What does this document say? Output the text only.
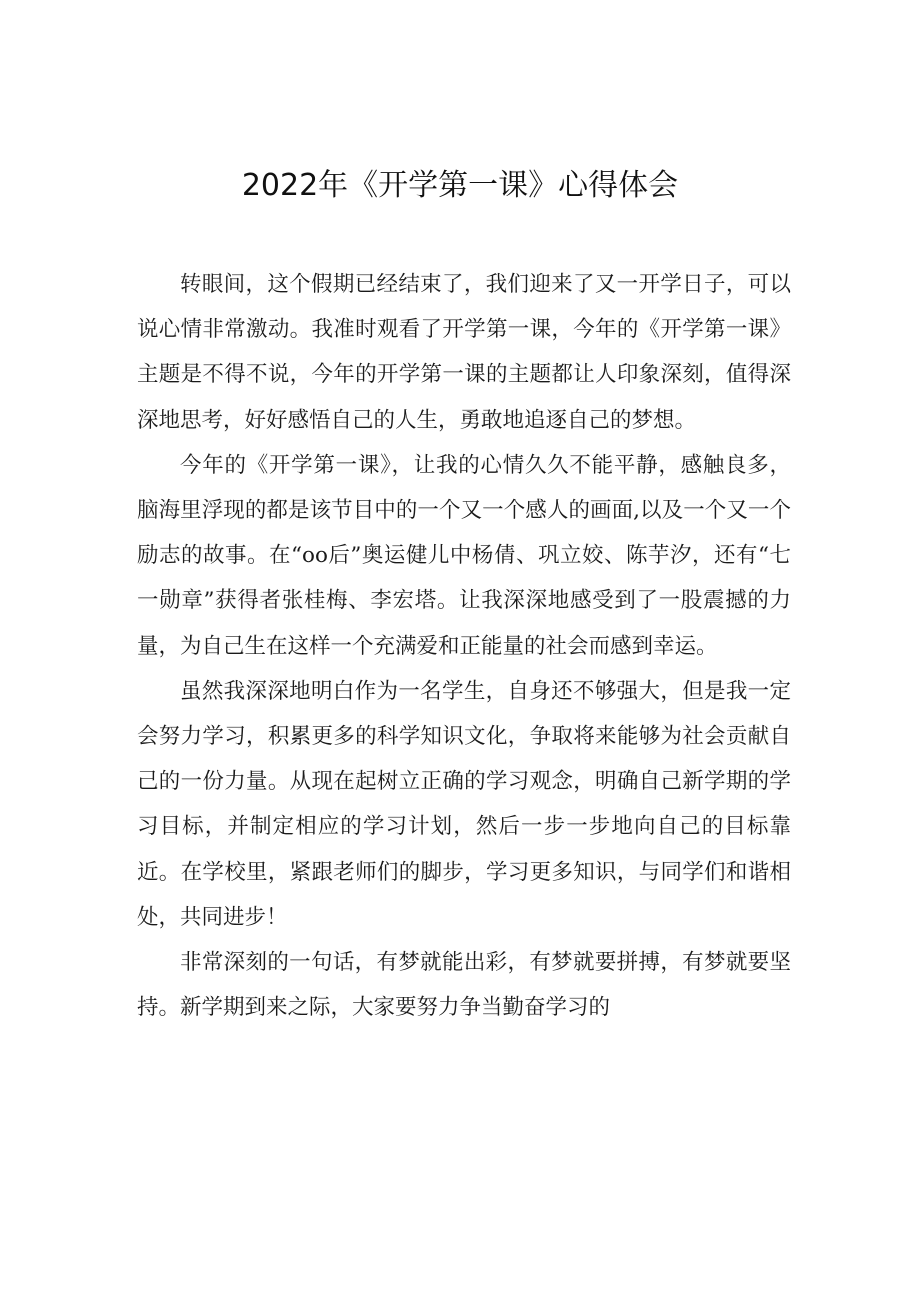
2022年《开学第一课》心得体会

转眼间，这个假期已经结束了，我们迎来了又一开学日子，可以说心情非常激动。我准时观看了开学第一课，今年的《开学第一课》主题是不得不说，今年的开学第一课的主题都让人印象深刻，值得深深地思考，好好感悟自己的人生，勇敢地追逐自己的梦想。

今年的《开学第一课》，让我的心情久久不能平静，感触良多，脑海里浮现的都是该节目中的一个又一个感人的画面,以及一个又一个励志的故事。在“oo后”奥运健儿中杨倩、巩立姣、陈芋汐，还有“七一勋章”获得者张桂梅、李宏塔。让我深深地感受到了一股震撼的力量，为自己生在这样一个充满爱和正能量的社会而感到幸运。

虽然我深深地明白作为一名学生，自身还不够强大，但是我一定会努力学习，积累更多的科学知识文化，争取将来能够为社会贡献自己的一份力量。从现在起树立正确的学习观念，明确自己新学期的学习目标，并制定相应的学习计划，然后一步一步地向自己的目标靠近。在学校里，紧跟老师们的脚步，学习更多知识，与同学们和谐相处，共同进步！

非常深刻的一句话，有梦就能出彩，有梦就要拼搏，有梦就要坚持。新学期到来之际，大家要努力争当勤奋学习的
